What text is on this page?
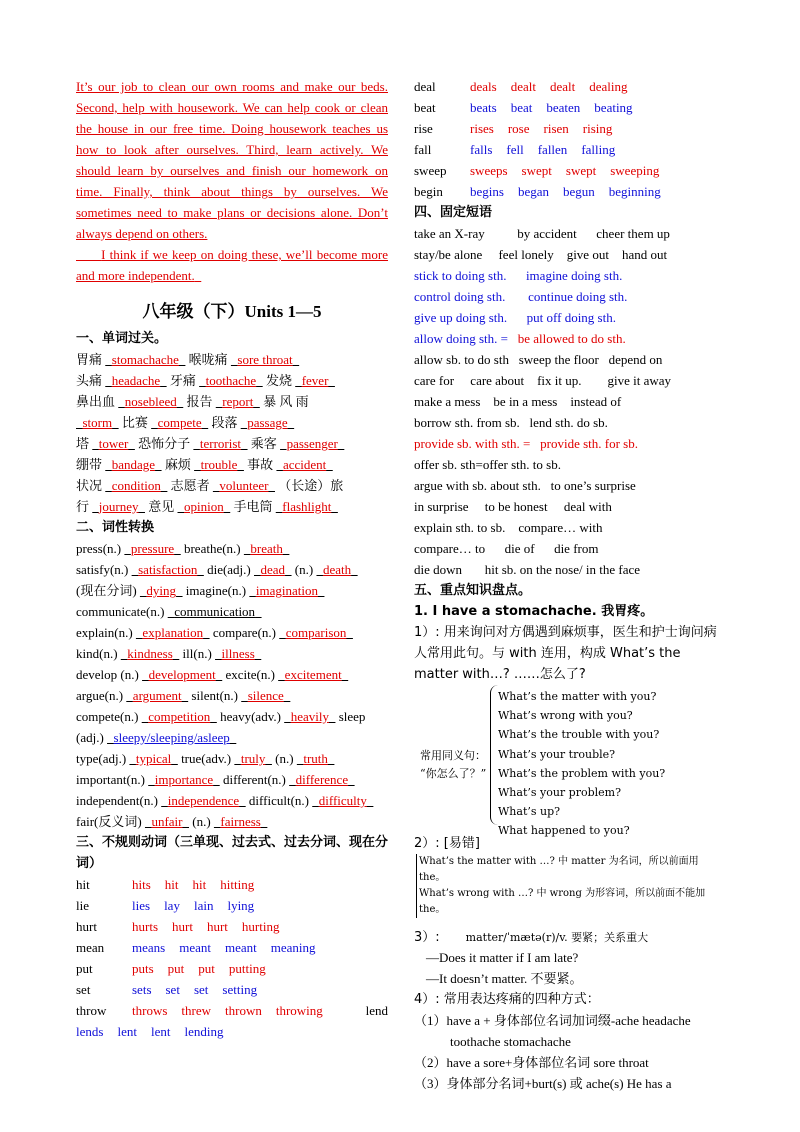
It’s our job to clean our own rooms and make our beds. Second, help with housework. We can help cook or clean the house in our free time. Doing housework teaches us how to look after ourselves. Third, learn actively. We should learn by ourselves and finish our homework on time. Finally, think about things by ourselves. We sometimes need to make plans or decisions alone. Don’t always depend on others.

I think if we keep on doing these, we’ll become more and more independent.

八年级（下）Units 1—5
一、单词过关。
胃痛 stomachache 喉咙痛 sore throat
头痛 headache 牙痛 toothache 发烧 fever
鼻出血 nosebleed 报告 report 暴 风 雨
storm 比赛 compete 段落 passage
塔 tower 恐怖分子 terrorist 乘客 passenger
绷带 bandage 麻烦 trouble 事故 accident
状况 condition 志愿者 volunteer （长途）旅
行 journey 意见 opinion 手电筒 flashlight
二、词性转换
press(n.) pressure breathe(n.) breath
satisfy(n.) satisfaction die(adj.) dead (n.) death
(现在分词) dying imagine(n.) imagination
communicate(n.) communication
explain(n.) explanation compare(n.) comparison
kind(n.) kindness ill(n.) illness
develop (n.) development excite(n.) excitement
argue(n.) argument silent(n.) silence
compete(n.) competition heavy(adv.) heavily sleep
(adj.) sleepy/sleeping/asleep
type(adj.) typical true(adv.) truly (n.) truth
important(n.) importance different(n.) difference
independent(n.) independence difficult(n.) difficulty
fair(反义词) unfair (n.) fairness
三、不规则动词（三单现、过去式、过去分词、现在分词）
hit	hits hit hit hitting
lie	lies lay lain lying
hurt	hurts hurt hurt hurting
mean means meant meant meaning
put	puts put put putting
set	sets set set setting
throw throws threw thrown throwing	lend
lends lent lent lending
deal	deals dealt dealt dealing
beat	beats beat beaten beating
rise	rises rose risen rising
fall	falls fell fallen falling
sweep sweeps swept swept sweeping
begin begins began begun beginning
四、固定短语
take an X-ray          by accident      cheer them up
stay/be alone     feel lonely    give out    hand out
stick to doing sth.      imagine doing sth.
control doing sth.       continue doing sth.
give up doing sth.      put off doing sth.
allow doing sth. =   be allowed to do sth.
allow sb. to do sth   sweep the floor   depend on
care for     care about    fix it up.        give it away
make a mess    be in a mess    instead of
borrow sth. from sb.   lend sth. do sb.
provide sb. with sth. =   provide sth. for sb.
offer sb. sth=offer sth. to sb.
argue with sb. about sth.   to one’s surprise
in surprise     to be honest     deal with
explain sth. to sb.    compare… with
compare… to      die of      die from
die down       hit sb. on the nose/ in the face
五、重点知识盘点。
1. I have a stomachache. 我胃疼。
1）: 用来询问对方偶遇到麻烦事，医生和护士询问病人常用此句。与 with 连用，构成 What’s the matter with…? ……怎么了?
常用同义句：
“你怎么了？”
What’s the matter with you?
What’s wrong with you?
What’s the trouble with you?
What’s your trouble?
What’s the problem with you?
What’s your problem?
What’s up?
What happened to you?
2）: [易错]
What’s the matter with …? 中 matter 为名词，所以前面用 the。
What’s wrong with …? 中 wrong 为形容词，所以前面不能加 the。
3）: matter/ˈmætə(r)/v. 要紧；关系重大
—Does it matter if I am late?
—It doesn’t matter. 不要紧。
4）: 常用表达疼痛的四种方式：
（1）have a + 身体部位名词加词缀-ache headache
toothache stomachache
（2）have a sore+身体部位名词 sore throat
（3）身体部分名词+burt(s) 或 ache(s) He has a
